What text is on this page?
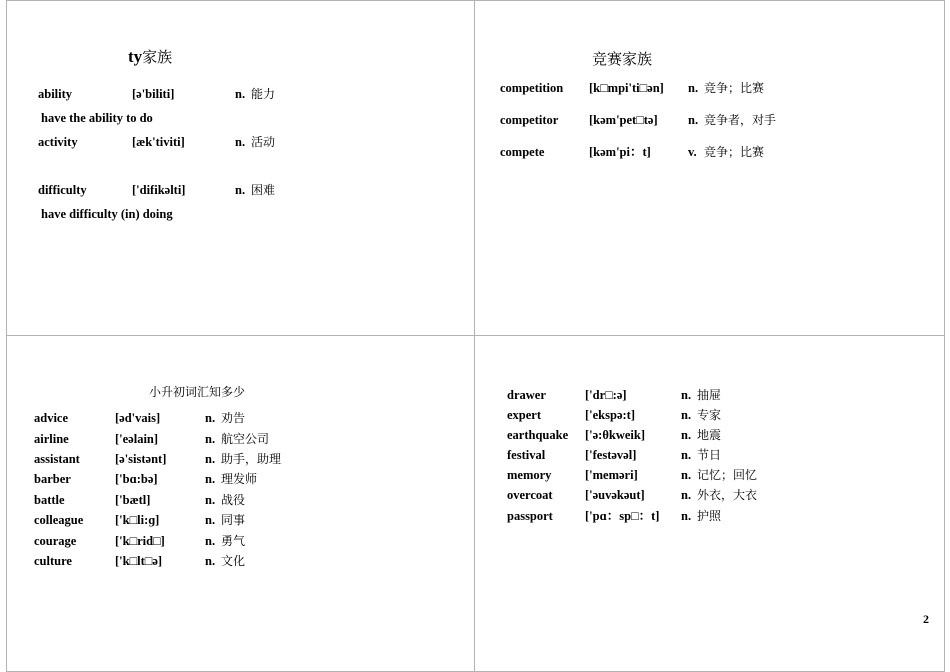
ty家族
ability	[ə'biliti]	n. 能力
have the ability to do
activity	[æk'tiviti]	n. 活动
difficulty	['difikəlti]	n. 困难
have difficulty (in) doing
竞赛家族
competition [k□mpi'ti□ən] n. 竞争；比赛
competitor [kəm'pet□tə] n. 竞争者，对手
compete	[kəm'pi：t]	v. 竞争；比赛
小升初词汇知多少
advice	[əd'vais]	n. 劝告
airline	['eəlain]	n. 航空公司
assistant	[ə'sistənt]	n. 助手，助理
barber	['bɑ:bə]	n. 理发师
battle	['bætl]	n. 战役
colleague	['k□li:ɡ]	n. 同事
courage	['k□rid□]	n. 勇气
culture	['k□lt□ə]	n. 文化
drawer	['dr□:ə]	n. 抽屉
expert	['ekspə:t]	n. 专家
earthquake ['ə:θkweik]	n. 地震
festival	['festəvəl]	n. 节日
memory	['meməri]	n. 记忆；回忆
overcoat	['əuvəkəut]	n. 外衣，大衣
passport	['pɑ：sp□：t] n. 护照
2
